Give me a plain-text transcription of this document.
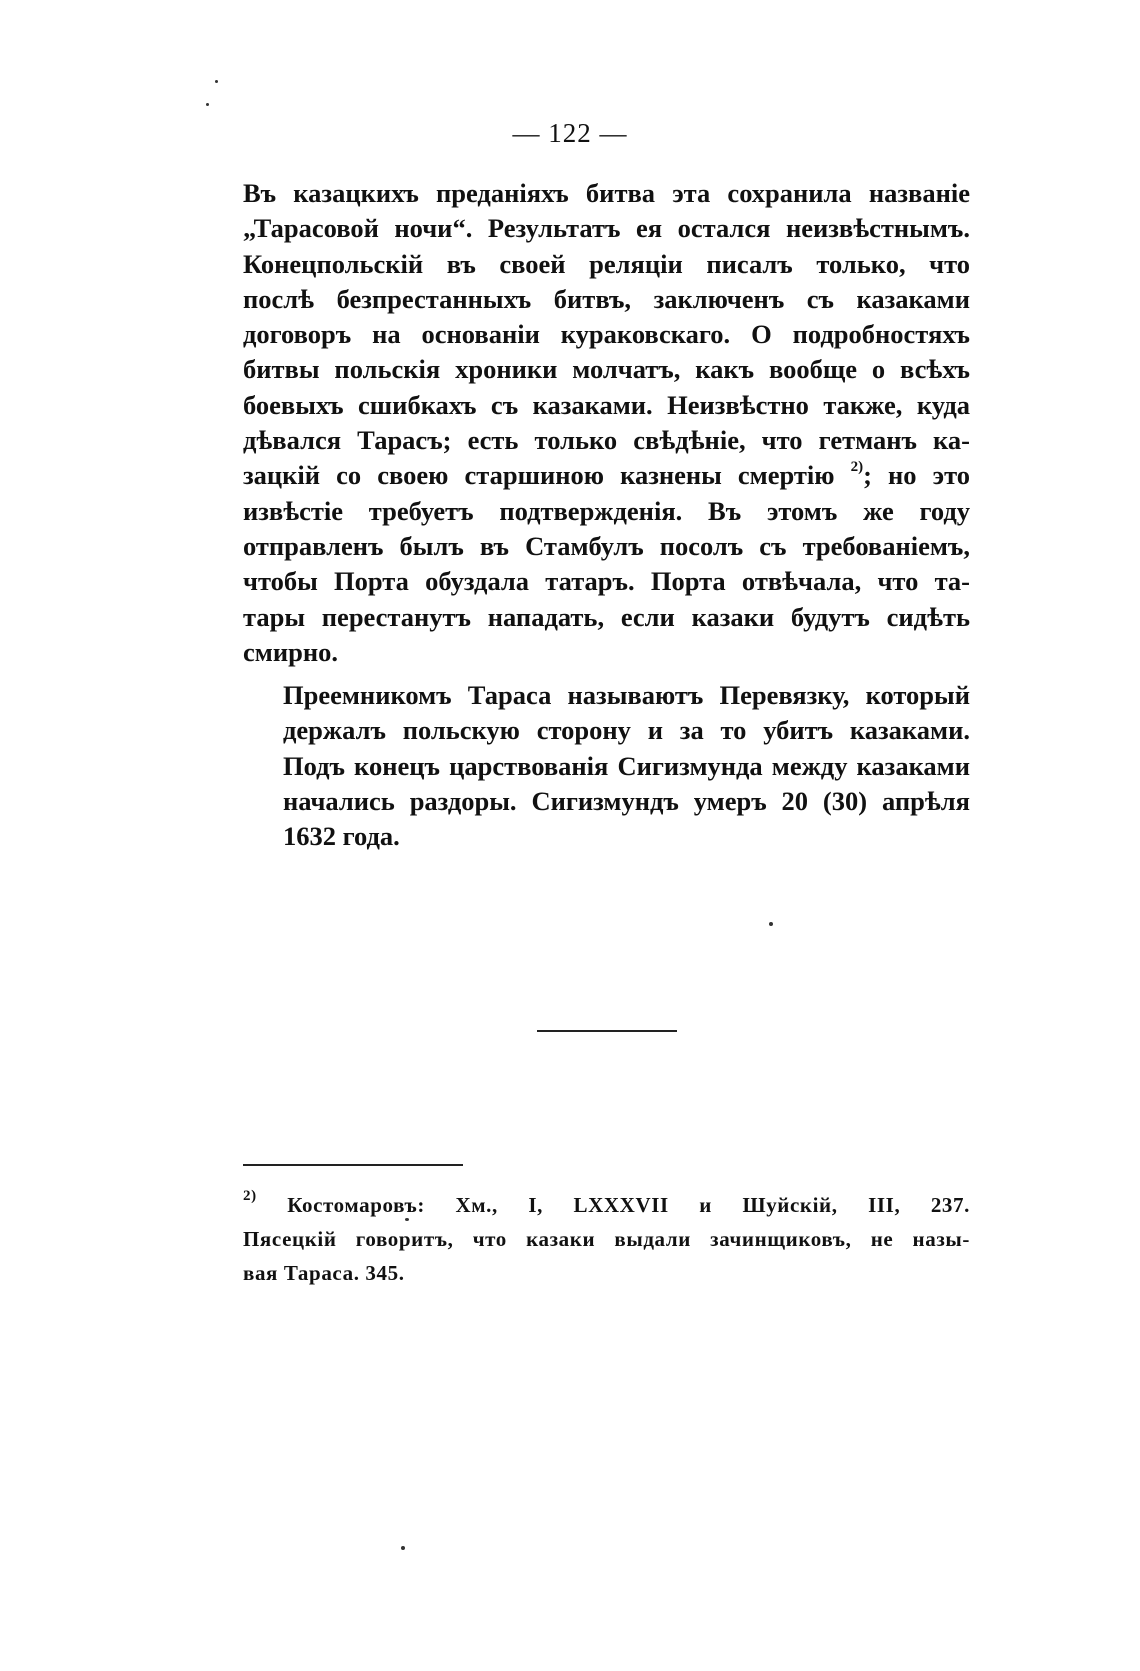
— 122 —

Въ казацкихъ преданіяхъ битва эта сохранила названіе
„Тарасовой ночи“. Результатъ ея остался неизвѣстнымъ.
Конецпольскій въ своей реляціи писалъ только, что
послѣ безпрестанныхъ битвъ, заключенъ съ казаками
договоръ на основаніи кураковскаго. О подробностяхъ
битвы польскія хроники молчатъ, какъ вообще о всѣхъ
боевыхъ сшибкахъ съ казаками. Неизвѣстно также, куда
дѣвался Тарасъ; есть только свѣдѣніе, что гетманъ ка-
зацкій со своею старшиною казнены смертію $^{2)}$; но это
извѣстіе требуетъ подтвержденія. Въ этомъ же году
отправленъ былъ въ Стамбулъ посолъ съ требованіемъ,
чтобы Порта обуздала татаръ. Порта отвѣчала, что та-
тары перестанутъ нападать, если казаки будутъ сидѣть
смирно.

Преемникомъ Тараса называютъ Перевязку, который
держалъ польскую сторону и за то убитъ казаками.
Подъ конецъ царствованія Сигизмунда между казаками
начались раздоры. Сигизмундъ умеръ 20 (30) апрѣля
1632 года.

$^{2)}$ Костомаровъ: Хм., I, LXXXVII и Шуйскій, III, 237.
Пясецкій говоритъ, что казаки выдали зачинщиковъ, не назы-
вая Тараса. 345.
